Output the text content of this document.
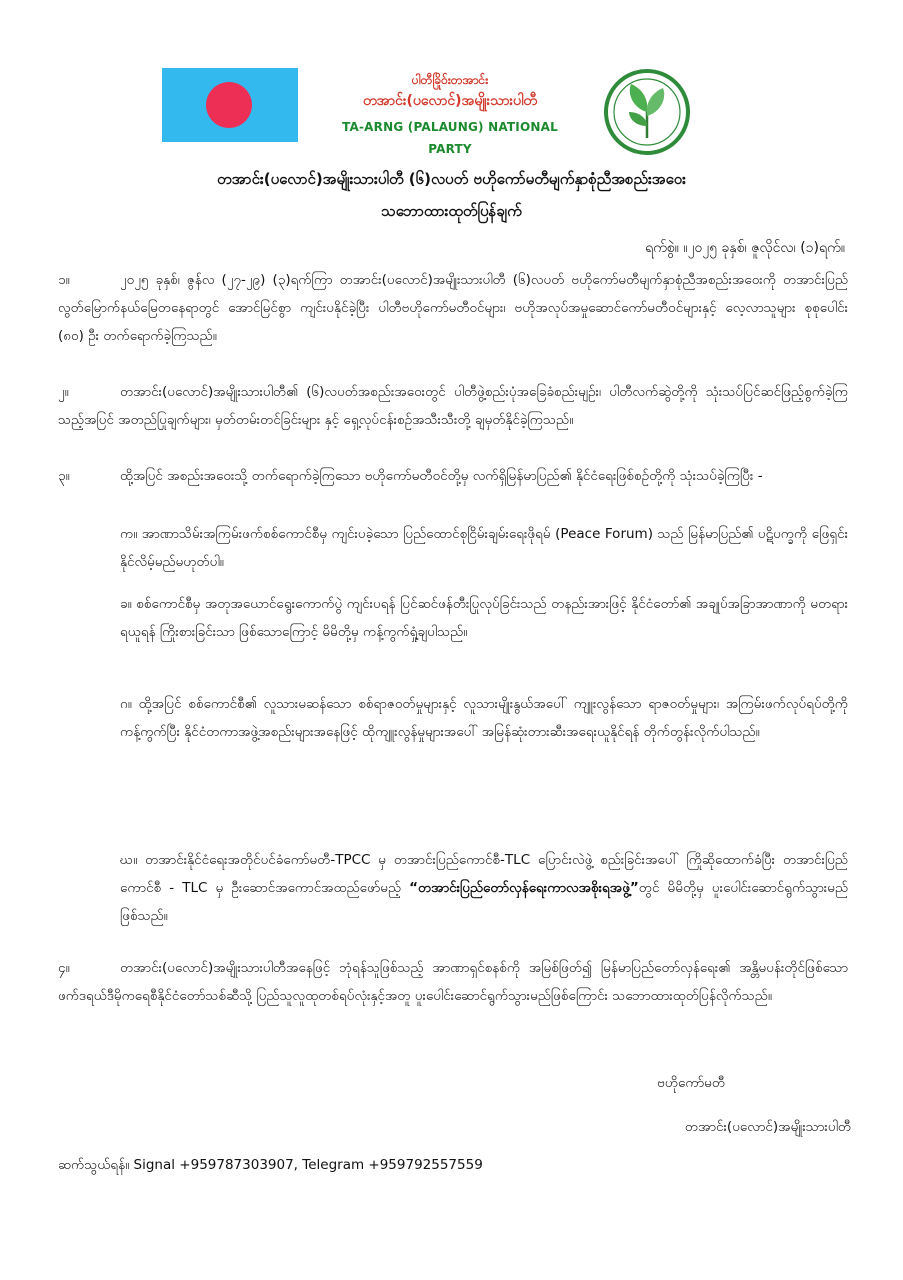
ပါတီခြိုဝ်းတအာင်း
တအာင်း(ပလောင်)အမျိုးသားပါတီ
TA-ARNG (PALAUNG) NATIONAL PARTY
တအာင်း(ပလောင်)အမျိုးသားပါတီ (၆)လပတ် ဗဟိုကော်မတီမျက်နှာစုံညီအစည်းအဝေး
သဘောထားထုတ်ပြန်ချက်
ရက်စွဲ။ ။၂၀၂၅ ခုနှစ်၊ ဇူလိုင်လ၊ (၁)ရက်။
၁။	၂၀၂၅ ခုနှစ်၊ ဇွန်လ (၂၇-၂၉) (၃)ရက်ကြာ တအာင်း(ပလောင်)အမျိုးသားပါတီ (၆)လပတ် ဗဟိုကော်မတီမျက်နှာစုံညီအစည်းအဝေးကို တအာင်းပြည်လွတ်မြောက်နယ်မြေတနေရာတွင် အောင်မြင်စွာ ကျင်းပနိုင်ခဲ့ပြီး ပါတီဗဟိုကော်မတီဝင်များ၊ ဗဟိုအလုပ်အမှုဆောင်ကော်မတီဝင်များနှင့် လေ့လာသူများ စုစုပေါင်း (၈၀) ဦး တက်ရောက်ခဲ့ကြသည်။
၂။	တအာင်း(ပလောင်)အမျိုးသားပါတီ၏ (၆)လပတ်အစည်းအဝေးတွင် ပါတီဖွဲ့စည်းပုံအခြေခံစည်းမျဥ်း၊ ပါတီလက်ဆွဲတို့ကို သုံးသပ်ပြင်ဆင်ဖြည့်စွက်ခဲ့ကြသည့်အပြင် အတည်ပြုချက်များ၊ မှတ်တမ်းတင်ခြင်းများ နှင့် ရှေ့လုပ်ငန်းစဥ်အသီးသီးတို့ ချမှတ်နိုင်ခဲ့ကြသည်။
၃။	ထို့အပြင် အစည်းအဝေးသို့ တက်ရောက်ခဲ့ကြသော ဗဟိုကော်မတီဝင်တို့မှ လက်ရှိမြန်မာပြည်၏ နိုင်ငံရေးဖြစ်စဉ်တို့ကို သုံးသပ်ခဲ့ကြပြီး -
က။ အာဏာသိမ်းအကြမ်းဖက်စစ်ကောင်စီမှ ကျင်းပခဲ့သော ပြည်ထောင်စုငြိမ်းချမ်းရေးဖိုရမ် (Peace Forum) သည် မြန်မာပြည်၏ ပဋိပက္ခကို ဖြေရှင်းနိုင်လိမ့်မည်မဟုတ်ပါ။
ခ။ စစ်ကောင်စီမှ အတုအယောင်ရွေးကောက်ပွဲ ကျင်းပရန် ပြင်ဆင်ဖန်တီးပြုလုပ်ခြင်းသည် တနည်းအားဖြင့် နိုင်ငံတော်၏ အချုပ်အခြာအာဏာကို မတရားရယူရန် ကြိုးစားခြင်းသာ ဖြစ်သောကြောင့် မိမိတို့မှ ကန့်ကွက်ရှုံ့ချပါသည်။
ဂ။ ထို့အပြင် စစ်ကောင်စီ၏ လူသားမဆန်သော စစ်ရာဇဝတ်မှုများနှင့် လူသားမျိုးနွယ်အပေါ် ကျူးလွန်သော ရာဇဝတ်မှုများ၊ အကြမ်းဖက်လုပ်ရပ်တို့ကို ကန့်ကွက်ပြီး နိုင်ငံတကာအဖွဲ့အစည်းများအနေဖြင့် ထိုကျူးလွန်မှုများအပေါ် အမြန်ဆုံးတားဆီးအရေးယူနိုင်ရန် တိုက်တွန်းလိုက်ပါသည်။
ဃ။ တအာင်းနိုင်ငံရေးအတိုင်ပင်ခံကော်မတီ-TPCC မှ တအာင်းပြည်ကောင်စီ-TLC ပြောင်းလဲဖွဲ့ စည်းခြင်းအပေါ် ကြိုဆိုထောက်ခံပြီး တအာင်းပြည်ကောင်စီ - TLC မှ ဦးဆောင်အကောင်အထည်ဖော်မည့် “တအာင်းပြည်တော်လှန်ရေးကာလအစိုးရအဖွဲ့”တွင် မိမိတို့မှ ပူးပေါင်းဆောင်ရွက်သွားမည်ဖြစ်သည်။
၄။	တအာင်း(ပလောင်)အမျိုးသားပါတီအနေဖြင့် ဘုံရန်သူဖြစ်သည့် အာဏာရှင်စနစ်ကို အမြစ်ဖြတ်၍ မြန်မာပြည်တော်လှန်ရေး၏ အန္တိမပန်းတိုင်ဖြစ်သော ဖက်ဒရယ်ဒီမိုကရေစီနိုင်ငံတော်သစ်ဆီသို့ ပြည်သူလူထုတစ်ရပ်လုံးနှင့်အတူ ပူးပေါင်းဆောင်ရွက်သွားမည်ဖြစ်ကြောင်း သဘောထားထုတ်ပြန်လိုက်သည်။
ဗဟိုကော်မတီ
တအာင်း(ပလောင်)အမျိုးသားပါတီ
ဆက်သွယ်ရန်။ Signal +959787303907, Telegram +959792557559
